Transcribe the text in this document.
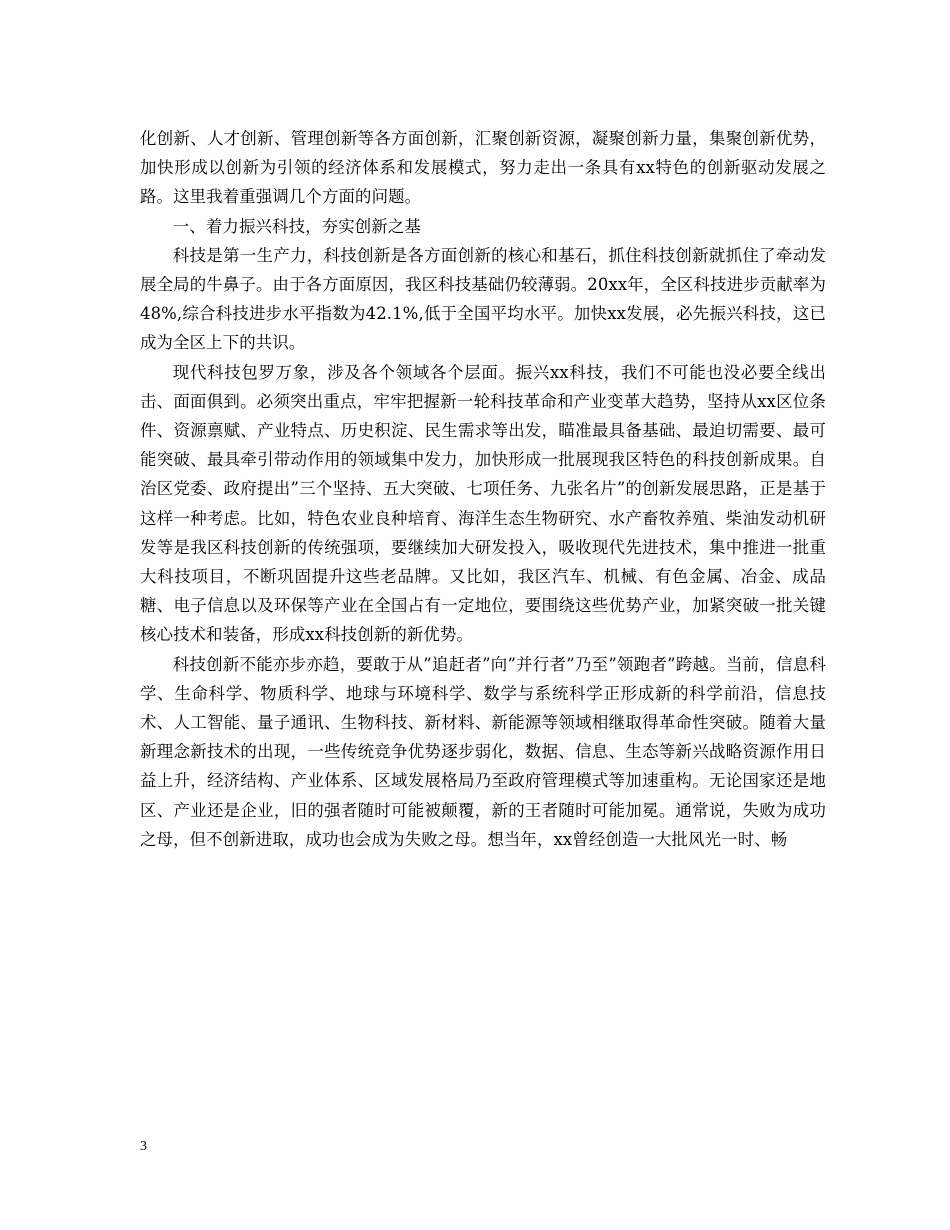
化创新、人才创新、管理创新等各方面创新，汇聚创新资源，凝聚创新力量，集聚创新优势，加快形成以创新为引领的经济体系和发展模式，努力走出一条具有xx特色的创新驱动发展之路。这里我着重强调几个方面的问题。

一、着力振兴科技，夯实创新之基

科技是第一生产力，科技创新是各方面创新的核心和基石，抓住科技创新就抓住了牵动发展全局的牛鼻子。由于各方面原因，我区科技基础仍较薄弱。20xx年，全区科技进步贡献率为48%,综合科技进步水平指数为42.1%,低于全国平均水平。加快xx发展，必先振兴科技，这已成为全区上下的共识。

现代科技包罗万象，涉及各个领域各个层面。振兴xx科技，我们不可能也没必要全线出击、面面俱到。必须突出重点，牢牢把握新一轮科技革命和产业变革大趋势，坚持从xx区位条件、资源禀赋、产业特点、历史积淀、民生需求等出发，瞄准最具备基础、最迫切需要、最可能突破、最具牵引带动作用的领域集中发力，加快形成一批展现我区特色的科技创新成果。自治区党委、政府提出”三个坚持、五大突破、七项任务、九张名片”的创新发展思路，正是基于这样一种考虑。比如，特色农业良种培育、海洋生态生物研究、水产畜牧养殖、柴油发动机研发等是我区科技创新的传统强项，要继续加大研发投入，吸收现代先进技术，集中推进一批重大科技项目，不断巩固提升这些老品牌。又比如，我区汽车、机械、有色金属、冶金、成品糖、电子信息以及环保等产业在全国占有一定地位，要围绕这些优势产业，加紧突破一批关键核心技术和装备，形成xx科技创新的新优势。

科技创新不能亦步亦趋，要敢于从”追赶者”向”并行者”乃至”领跑者”跨越。当前，信息科学、生命科学、物质科学、地球与环境科学、数学与系统科学正形成新的科学前沿，信息技术、人工智能、量子通讯、生物科技、新材料、新能源等领域相继取得革命性突破。随着大量新理念新技术的出现，一些传统竞争优势逐步弱化，数据、信息、生态等新兴战略资源作用日益上升，经济结构、产业体系、区域发展格局乃至政府管理模式等加速重构。无论国家还是地区、产业还是企业，旧的强者随时可能被颠覆，新的王者随时可能加冕。通常说，失败为成功之母，但不创新进取，成功也会成为失败之母。想当年，xx曾经创造一大批风光一时、畅

3
